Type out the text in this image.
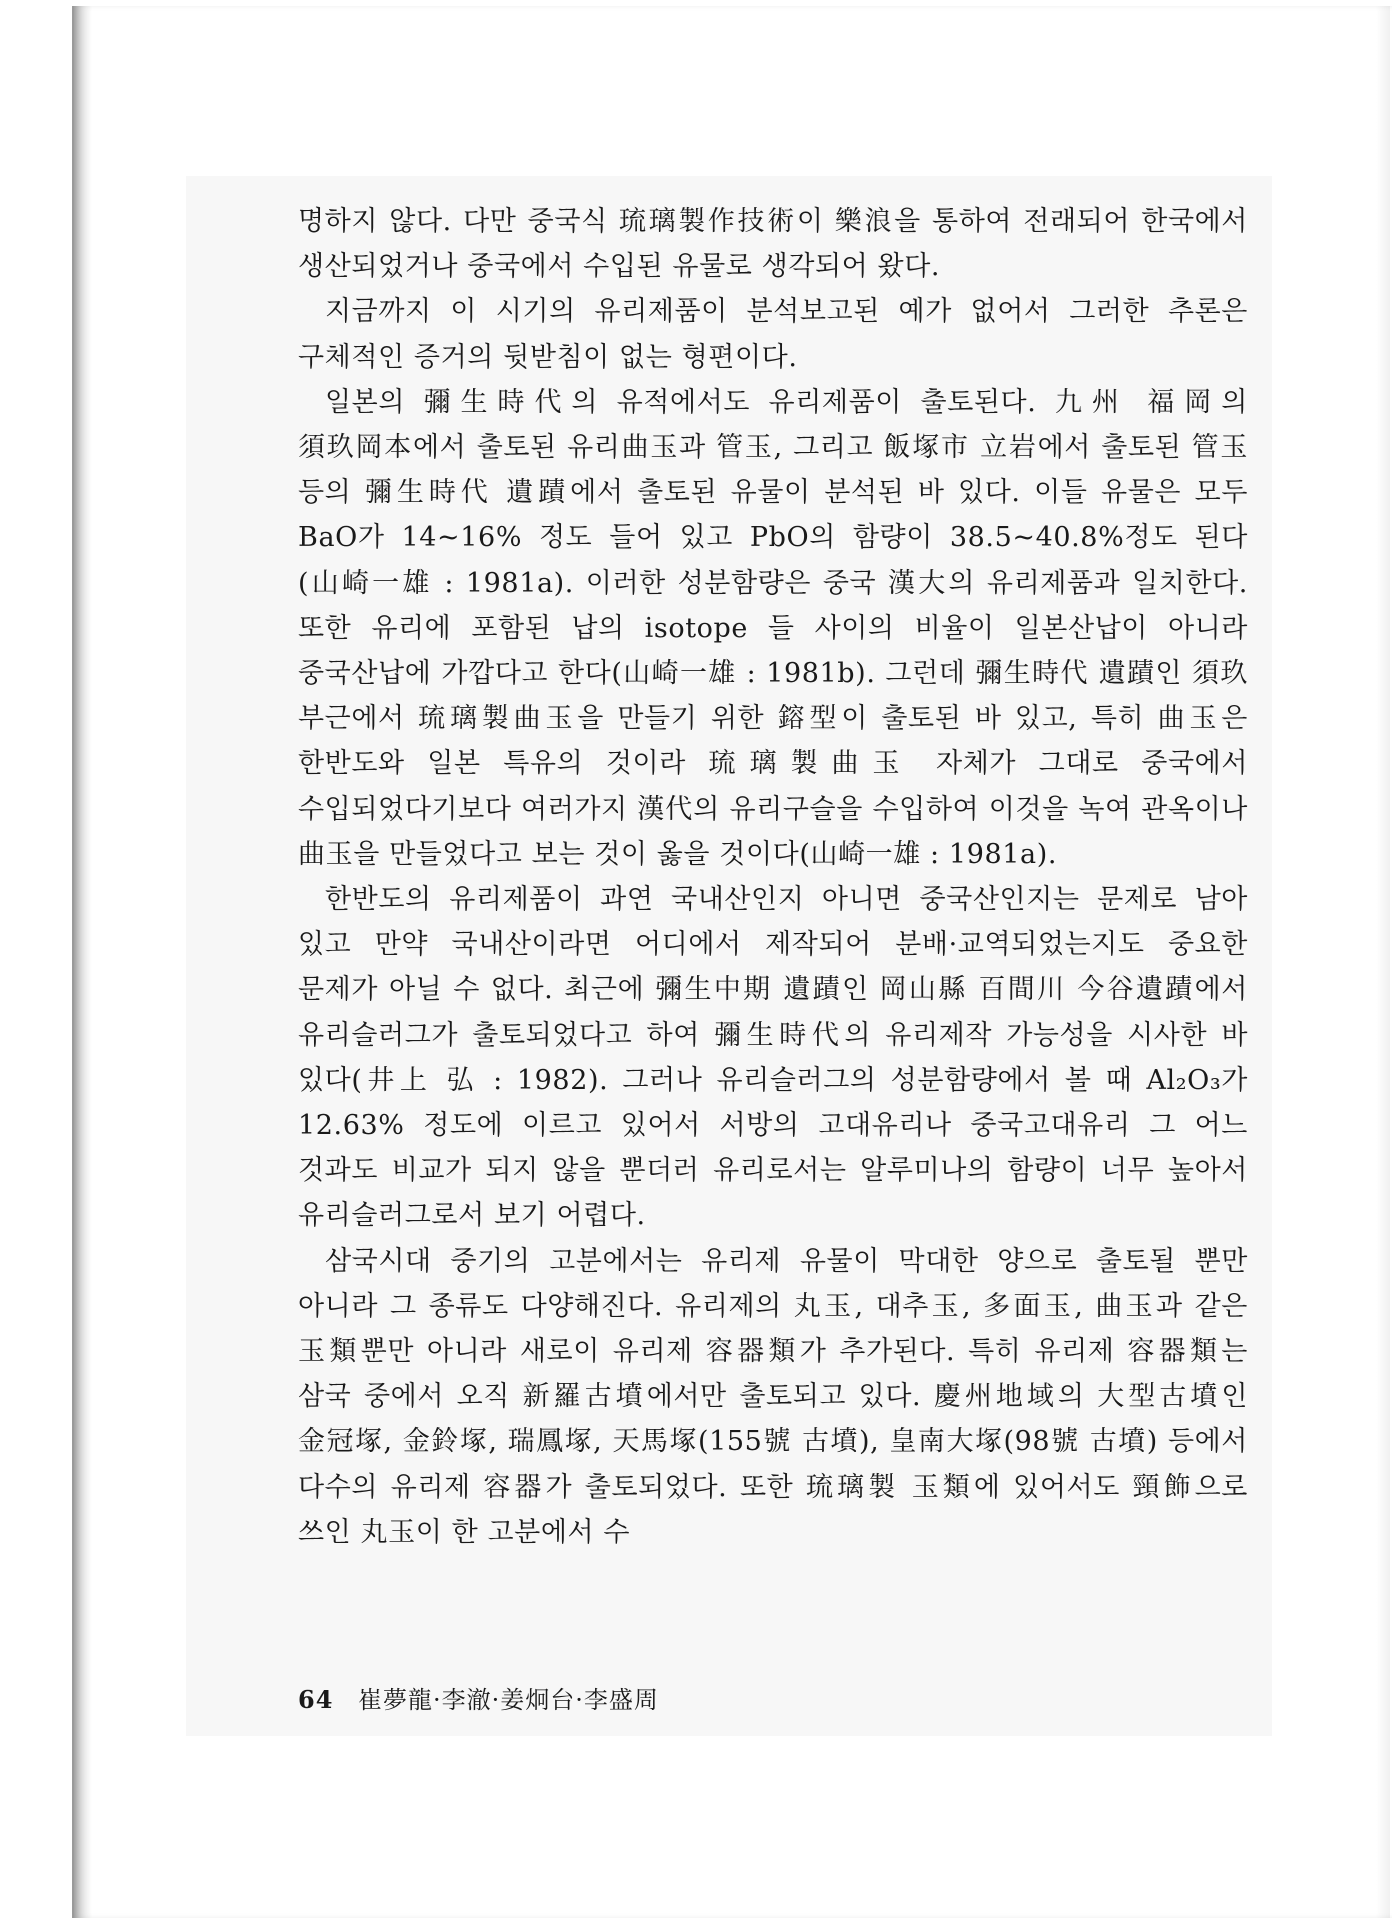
명하지 않다. 다만 중국식 琉璃製作技術이 樂浪을 통하여 전래되어 한국에서 생산되었거나 중국에서 수입된 유물로 생각되어 왔다.

지금까지 이 시기의 유리제품이 분석보고된 예가 없어서 그러한 추론은 구체적인 증거의 뒷받침이 없는 형편이다.

일본의 彌生時代의 유적에서도 유리제품이 출토된다. 九州 福岡의 須玖岡本에서 출토된 유리曲玉과 管玉, 그리고 飯塚市 立岩에서 출토된 管玉 등의 彌生時代 遺蹟에서 출토된 유물이 분석된 바 있다. 이들 유물은 모두 BaO가 14~16% 정도 들어 있고 PbO의 함량이 38.5~40.8%정도 된다(山崎一雄 : 1981a). 이러한 성분함량은 중국 漢大의 유리제품과 일치한다. 또한 유리에 포함된 납의 isotope 들 사이의 비율이 일본산납이 아니라 중국산납에 가깝다고 한다(山崎一雄 : 1981b). 그런데 彌生時代 遺蹟인 須玖 부근에서 琉璃製曲玉을 만들기 위한 鎔型이 출토된 바 있고, 특히 曲玉은 한반도와 일본 특유의 것이라 琉璃製曲玉 자체가 그대로 중국에서 수입되었다기보다 여러가지 漢代의 유리구슬을 수입하여 이것을 녹여 관옥이나 曲玉을 만들었다고 보는 것이 옳을 것이다(山崎一雄 : 1981a).

한반도의 유리제품이 과연 국내산인지 아니면 중국산인지는 문제로 남아 있고 만약 국내산이라면 어디에서 제작되어 분배·교역되었는지도 중요한 문제가 아닐 수 없다. 최근에 彌生中期 遺蹟인 岡山縣 百間川 今谷遺蹟에서 유리슬러그가 출토되었다고 하여 彌生時代의 유리제작 가능성을 시사한 바 있다(井上 弘 : 1982). 그러나 유리슬러그의 성분함량에서 볼 때 Al₂O₃가 12.63% 정도에 이르고 있어서 서방의 고대유리나 중국고대유리 그 어느 것과도 비교가 되지 않을 뿐더러 유리로서는 알루미나의 함량이 너무 높아서 유리슬러그로서 보기 어렵다.

삼국시대 중기의 고분에서는 유리제 유물이 막대한 양으로 출토될 뿐만 아니라 그 종류도 다양해진다. 유리제의 丸玉, 대추玉, 多面玉, 曲玉과 같은 玉類뿐만 아니라 새로이 유리제 容器類가 추가된다. 특히 유리제 容器類는 삼국 중에서 오직 新羅古墳에서만 출토되고 있다. 慶州地域의 大型古墳인 金冠塚, 金鈴塚, 瑞鳳塚, 天馬塚(155號 古墳), 皇南大塚(98號 古墳) 등에서 다수의 유리제 容器가 출토되었다. 또한 琉璃製 玉類에 있어서도 頸飾으로 쓰인 丸玉이 한 고분에서 수

64 崔夢龍·李澈·姜炯台·李盛周
